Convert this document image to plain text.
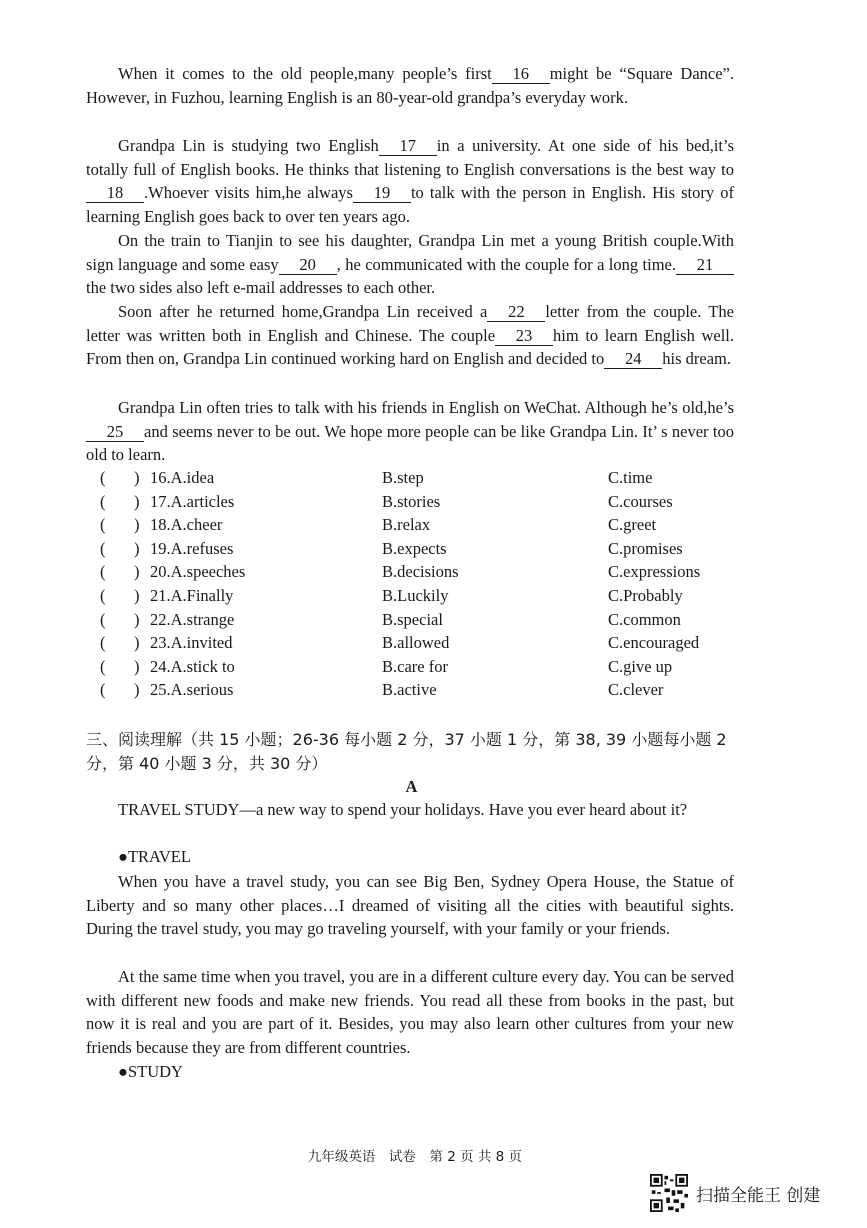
When it comes to the old people,many people’s first 16 might be “Square Dance”. However, in Fuzhou, learning English is an 80-year-old grandpa’s everyday work.

Grandpa Lin is studying two English 17 in a university. At one side of his bed,it’s totally full of English books. He thinks that listening to English conversations is the best way to18 .Whoever visits him,he always 19 to talk with the person in English. His story of learning English goes back to over ten years ago.

On the train to Tianjin to see his daughter, Grandpa Lin met a young British couple.With sign language and some easy 20 , he communicated with the couple for a long time. 21the two sides also left e-mail addresses to each other.

Soon after he returned home,Grandpa Lin received a 22 letter from the couple. The letter was written both in English and Chinese. The couple 23 him to learn English well. From then on, Grandpa Lin continued working hard on English and decided to 24 his dream.

Grandpa Lin often tries to talk with his friends in English on WeChat. Although he’s old,he’s25 and seems never to be out. We hope more people can be like Grandpa Lin. It’ s never too old to learn.

( ) 16.A.idea	B.step	C.time
( ) 17.A.articles	B.stories	C.courses
( ) 18.A.cheer	B.relax	C.greet
( ) 19.A.refuses	B.expects	C.promises
( ) 20.A.speeches	B.decisions	C.expressions
( ) 21.A.Finally	B.Luckily	C.Probably
( ) 22.A.strange	B.special	C.common
( ) 23.A.invited	B.allowed	C.encouraged
( ) 24.A.stick to	B.care for	C.give up
( ) 25.A.serious	B.active	C.clever

三、阅读理解（共 15 小题；26-36 每小题 2 分，37 小题 1 分，第 38, 39 小题每小题 2 分，第 40 小题 3 分，共 30 分）

A

TRAVEL STUDY—a new way to spend your holidays. Have you ever heard about it?

●TRAVEL

When you have a travel study, you can see Big Ben, Sydney Opera House, the Statue of Liberty and so many other places…I dreamed of visiting all the cities with beautiful sights. During the travel study, you may go traveling yourself, with your family or your friends.

At the same time when you travel, you are in a different culture every day. You can be served with different new foods and make new friends. You read all these from books in the past, but now it is real and you are part of it. Besides, you may also learn other cultures from your new friends because they are from different countries.

●STUDY
九年级英语　试卷　第 2 页 共 8 页
扫描全能王 创建
